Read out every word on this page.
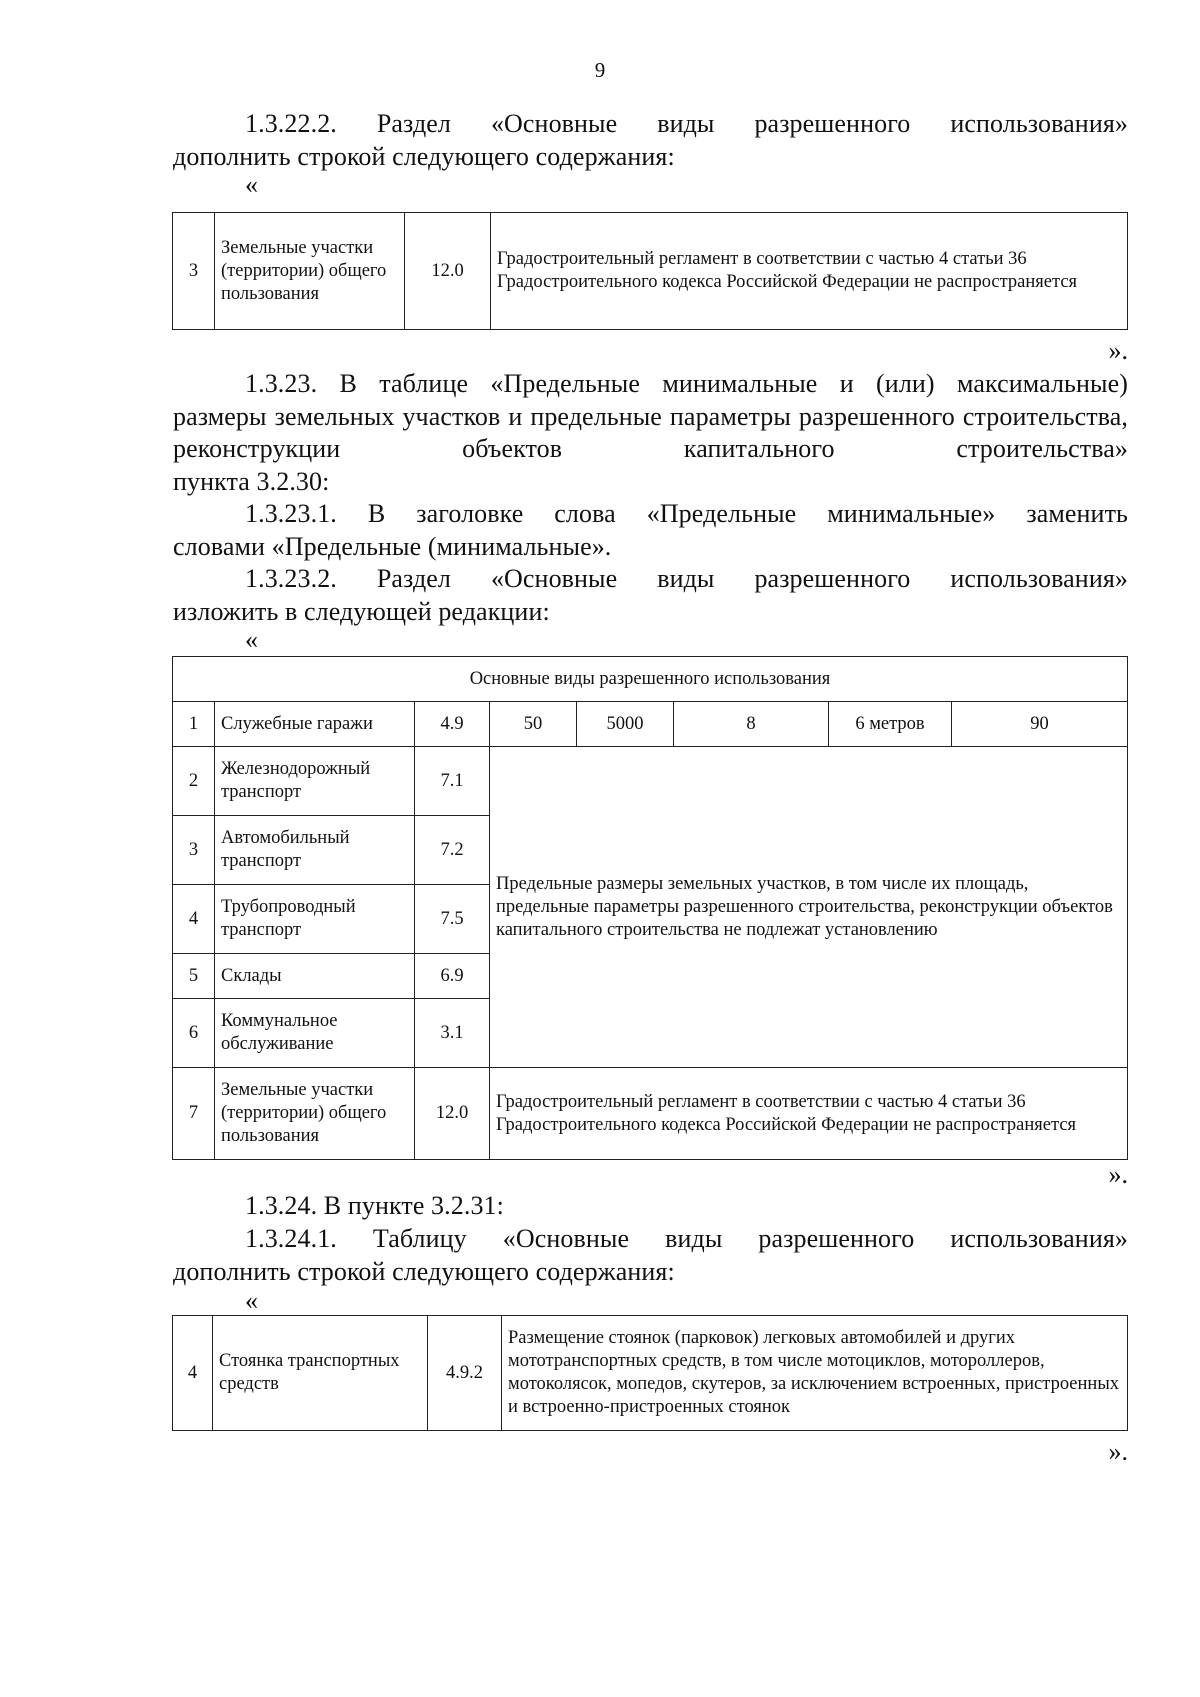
9
1.3.22.2. Раздел «Основные виды разрешенного использования»
дополнить строкой следующего содержания:
«
3	Земельные участки (территории) общего пользования	12.0	Градостроительный регламент в соответствии с частью 4 статьи 36 Градостроительного кодекса Российской Федерации не распространяется
».
1.3.23. В таблице «Предельные минимальные и (или) максимальные)
размеры земельных участков и предельные параметры разрешенного строительства, реконструкции объектов капитального строительства»
пункта 3.2.30:
1.3.23.1. В заголовке слова «Предельные минимальные» заменить
словами «Предельные (минимальные».
1.3.23.2. Раздел «Основные виды разрешенного использования»
изложить в следующей редакции:
«
Основные виды разрешенного использования							
1	Служебные гаражи	4.9	50	5000	8	6 метров	90
2	Железнодорожный транспорт	7.1	Предельные размеры земельных участков, в том числе их площадь, предельные параметры разрешенного строительства, реконструкции объектов капитального строительства не подлежат установлению				
3	Автомобильный транспорт	7.2					
4	Трубопроводный транспорт	7.5					
5	Склады	6.9					
6	Коммунальное обслуживание	3.1					
7	Земельные участки (территории) общего пользования	12.0	Градостроительный регламент в соответствии с частью 4 статьи 36 Градостроительного кодекса Российской Федерации не распространяется				
».
1.3.24. В пункте 3.2.31:
1.3.24.1. Таблицу «Основные виды разрешенного использования»
дополнить строкой следующего содержания:
«
4	Стоянка транспортных средств	4.9.2	Размещение стоянок (парковок) легковых автомобилей и других мототранспортных средств, в том числе мотоциклов, мотороллеров, мотоколясок, мопедов, скутеров, за исключением встроенных, пристроенных и встроенно-пристроенных стоянок
».
